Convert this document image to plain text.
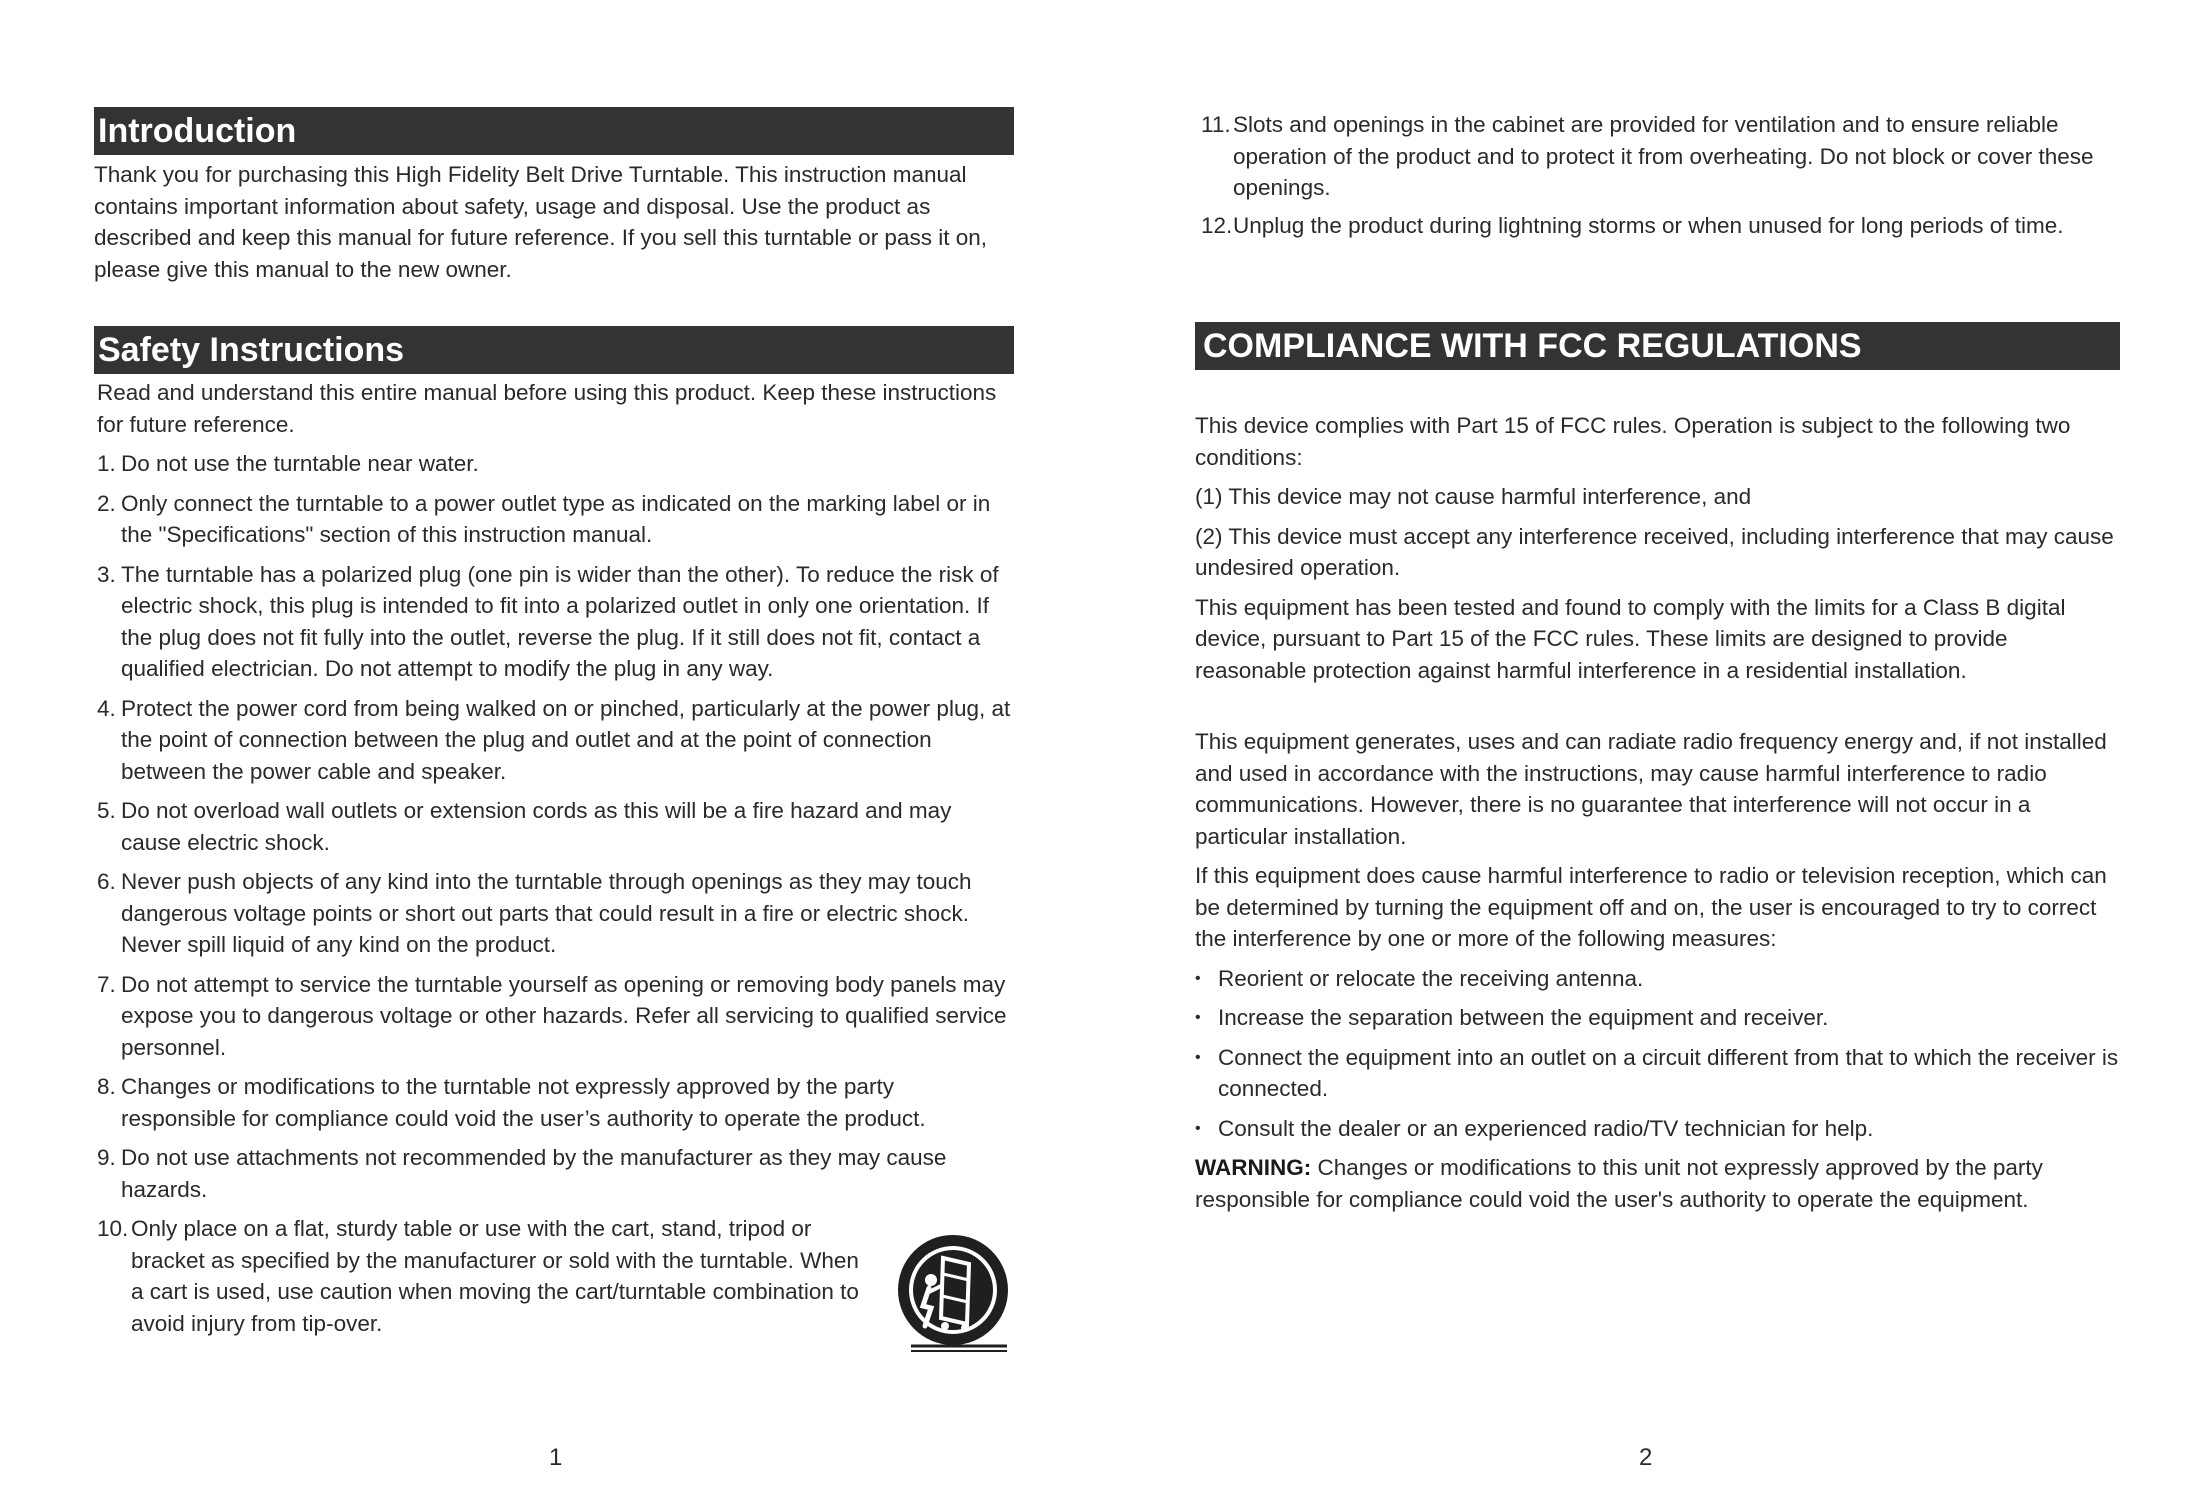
Introduction

Thank you for purchasing this High Fidelity Belt Drive Turntable. This instruction manual contains important information about safety, usage and disposal. Use the product as described and keep this manual for future reference. If you sell this turntable or pass it on, please give this manual to the new owner.

Safety Instructions

Read and understand this entire manual before using this product. Keep these instructions for future reference.

1. Do not use the turntable near water.
2. Only connect the turntable to a power outlet type as indicated on the marking label or in the "Specifications" section of this instruction manual.
3. The turntable has a polarized plug (one pin is wider than the other). To reduce the risk of electric shock, this plug is intended to fit into a polarized outlet in only one orientation. If the plug does not fit fully into the outlet, reverse the plug. If it still does not fit, contact a qualified electrician. Do not attempt to modify the plug in any way.
4. Protect the power cord from being walked on or pinched, particularly at the power plug, at the point of connection between the plug and outlet and at the point of connection between the power cable and speaker.
5. Do not overload wall outlets or extension cords as this will be a fire hazard and may cause electric shock.
6. Never push objects of any kind into the turntable through openings as they may touch dangerous voltage points or short out parts that could result in a fire or electric shock. Never spill liquid of any kind on the product.
7. Do not attempt to service the turntable yourself as opening or removing body panels may expose you to dangerous voltage or other hazards. Refer all servicing to qualified service personnel.
8. Changes or modifications to the turntable not expressly approved by the party responsible for compliance could void the user’s authority to operate the product.
9. Do not use attachments not recommended by the manufacturer as they may cause hazards.
10. Only place on a flat, sturdy table or use with the cart, stand, tripod or bracket as specified by the manufacturer or sold with the turntable. When a cart is used, use caution when moving the cart/turntable combination to avoid injury from tip-over.
1
11. Slots and openings in the cabinet are provided for ventilation and to ensure reliable operation of the product and to protect it from overheating. Do not block or cover these openings.
12. Unplug the product during lightning storms or when unused for long periods of time.
COMPLIANCE WITH FCC REGULATIONS

This device complies with Part 15 of FCC rules. Operation is subject to the following two conditions:

(1) This device may not cause harmful interference, and

(2) This device must accept any interference received, including interference that may cause undesired operation.

This equipment has been tested and found to comply with the limits for a Class B digital device, pursuant to Part 15 of the FCC rules. These limits are designed to provide reasonable protection against harmful interference in a residential installation.

This equipment generates, uses and can radiate radio frequency energy and, if not installed and used in accordance with the instructions, may cause harmful interference to radio communications. However, there is no guarantee that interference will not occur in a particular installation.

If this equipment does cause harmful interference to radio or television reception, which can be determined by turning the equipment off and on, the user is encouraged to try to correct the interference by one or more of the following measures:

• Reorient or relocate the receiving antenna.
• Increase the separation between the equipment and receiver.
• Connect the equipment into an outlet on a circuit different from that to which the receiver is connected.
• Consult the dealer or an experienced radio/TV technician for help.

WARNING: Changes or modifications to this unit not expressly approved by the party responsible for compliance could void the user's authority to operate the equipment.

2
